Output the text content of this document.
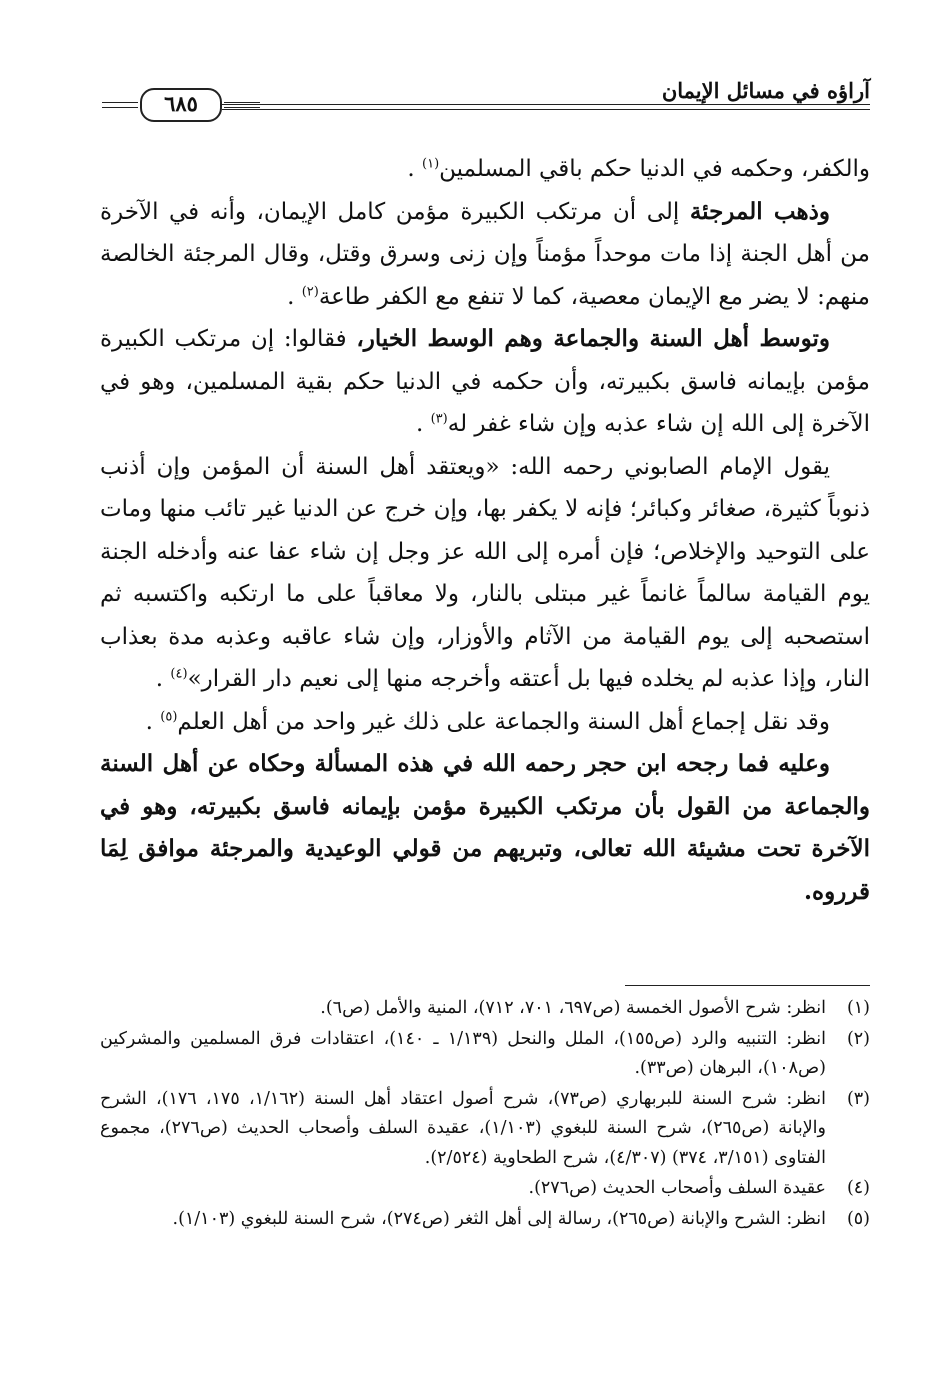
آراؤه في مسائل الإيمان
٦٨٥

والكفر، وحكمه في الدنيا حكم باقي المسلمين$^{(١)}$ .

وذهب المرجئة إلى أن مرتكب الكبيرة مؤمن كامل الإيمان، وأنه في الآخرة من أهل الجنة إذا مات موحداً مؤمناً وإن زنى وسرق وقتل، وقال المرجئة الخالصة منهم: لا يضر مع الإيمان معصية، كما لا تنفع مع الكفر طاعة$^{(٢)}$ .

وتوسط أهل السنة والجماعة وهم الوسط الخيار، فقالوا: إن مرتكب الكبيرة مؤمن بإيمانه فاسق بكبيرته، وأن حكمه في الدنيا حكم بقية المسلمين، وهو في الآخرة إلى الله إن شاء عذبه وإن شاء غفر له$^{(٣)}$ .

يقول الإمام الصابوني رحمه الله: «ويعتقد أهل السنة أن المؤمن وإن أذنب ذنوباً كثيرة، صغائر وكبائر؛ فإنه لا يكفر بها، وإن خرج عن الدنيا غير تائب منها ومات على التوحيد والإخلاص؛ فإن أمره إلى الله عز وجل إن شاء عفا عنه وأدخله الجنة يوم القيامة سالماً غانماً غير مبتلى بالنار، ولا معاقباً على ما ارتكبه واكتسبه ثم استصحبه إلى يوم القيامة من الآثام والأوزار، وإن شاء عاقبه وعذبه مدة بعذاب النار، وإذا عذبه لم يخلده فيها بل أعتقه وأخرجه منها إلى نعيم دار القرار»$^{(٤)}$ .

وقد نقل إجماع أهل السنة والجماعة على ذلك غير واحد من أهل العلم$^{(٥)}$ .

وعليه فما رجحه ابن حجر رحمه الله في هذه المسألة وحكاه عن أهل السنة والجماعة من القول بأن مرتكب الكبيرة مؤمن بإيمانه فاسق بكبيرته، وهو في الآخرة تحت مشيئة الله تعالى، وتبريهم من قولي الوعيدية والمرجئة موافق لِمَا قرروه.

(١)
انظر: شرح الأصول الخمسة (ص٦٩٧، ٧٠١، ٧١٢)، المنية والأمل (ص٦).
(٢)
انظر: التنبيه والرد (ص١٥٥)، الملل والنحل (١/١٣٩ ـ ١٤٠)، اعتقادات فرق المسلمين والمشركين (ص١٠٨)، البرهان (ص٣٣).
(٣)
انظر: شرح السنة للبربهاري (ص٧٣)، شرح أصول اعتقاد أهل السنة (١/١٦٢، ١٧٥، ١٧٦)، الشرح والإبانة (ص٢٦٥)، شرح السنة للبغوي (١/١٠٣)، عقيدة السلف وأصحاب الحديث (ص٢٧٦)، مجموع الفتاوى (٣/١٥١، ٣٧٤) (٤/٣٠٧)، شرح الطحاوية (٢/٥٢٤).
(٤)
عقيدة السلف وأصحاب الحديث (ص٢٧٦).
(٥)
انظر: الشرح والإبانة (ص٢٦٥)، رسالة إلى أهل الثغر (ص٢٧٤)، شرح السنة للبغوي (١/١٠٣).
